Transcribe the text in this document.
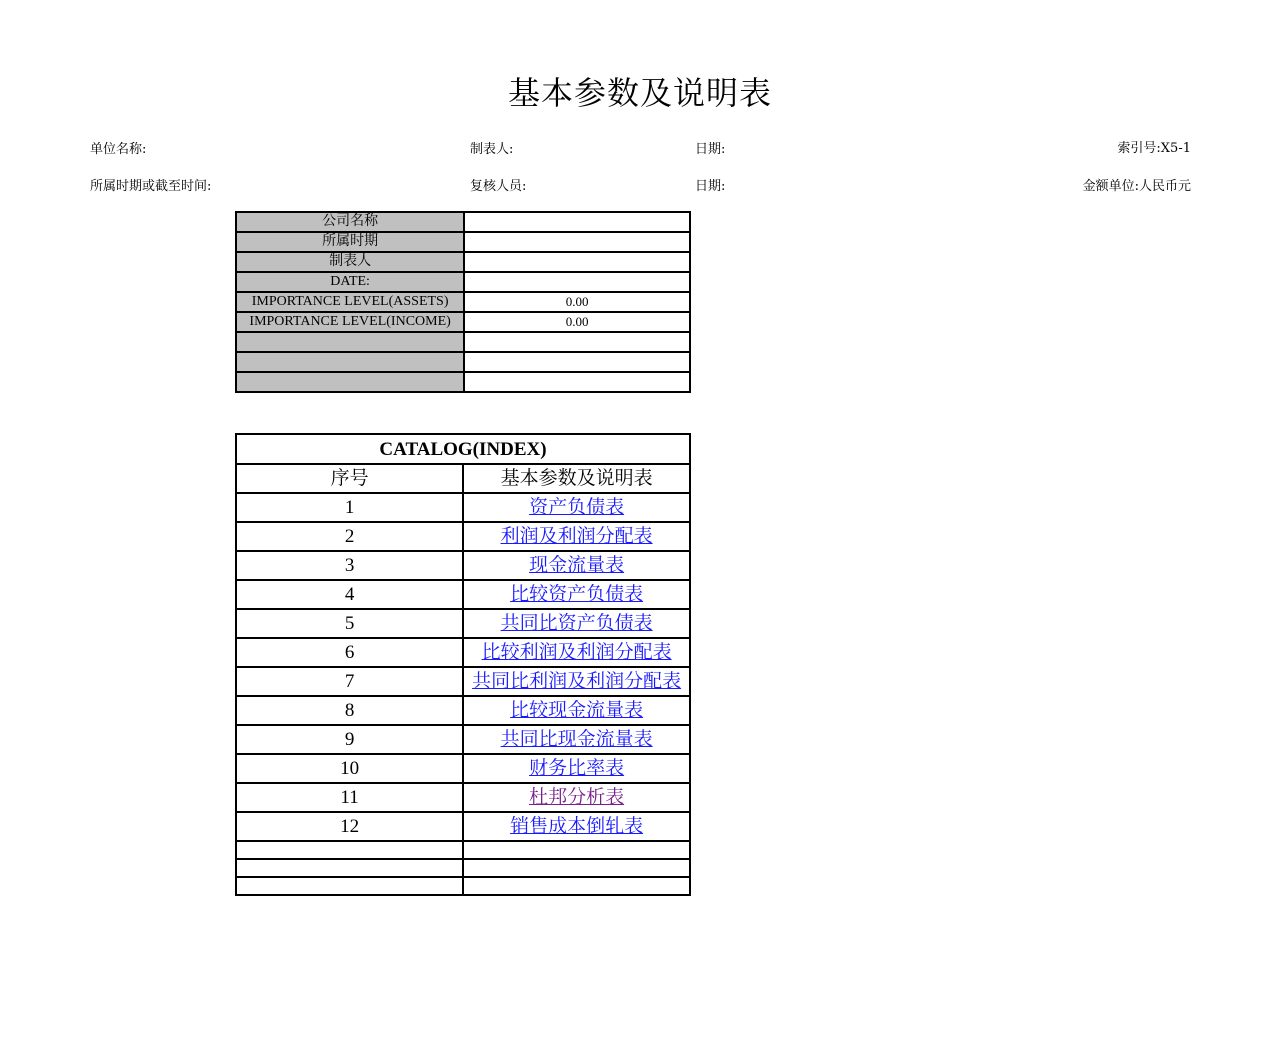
基本参数及说明表
单位名称:	制表人:	日期:	索引号:X5-1
所属时期或截至时间:	复核人员:	日期:	金额单位:人民币元
公司名称	
所属时期	
制表人	
DATE:	
IMPORTANCE LEVEL(ASSETS)	0.00
IMPORTANCE LEVEL(INCOME)	0.00

CATALOG(INDEX)	
序号	基本参数及说明表
1	资产负债表
2	利润及利润分配表
3	现金流量表
4	比较资产负债表
5	共同比资产负债表
6	比较利润及利润分配表
7	共同比利润及利润分配表
8	比较现金流量表
9	共同比现金流量表
10	财务比率表
11	杜邦分析表
12	销售成本倒轧表
